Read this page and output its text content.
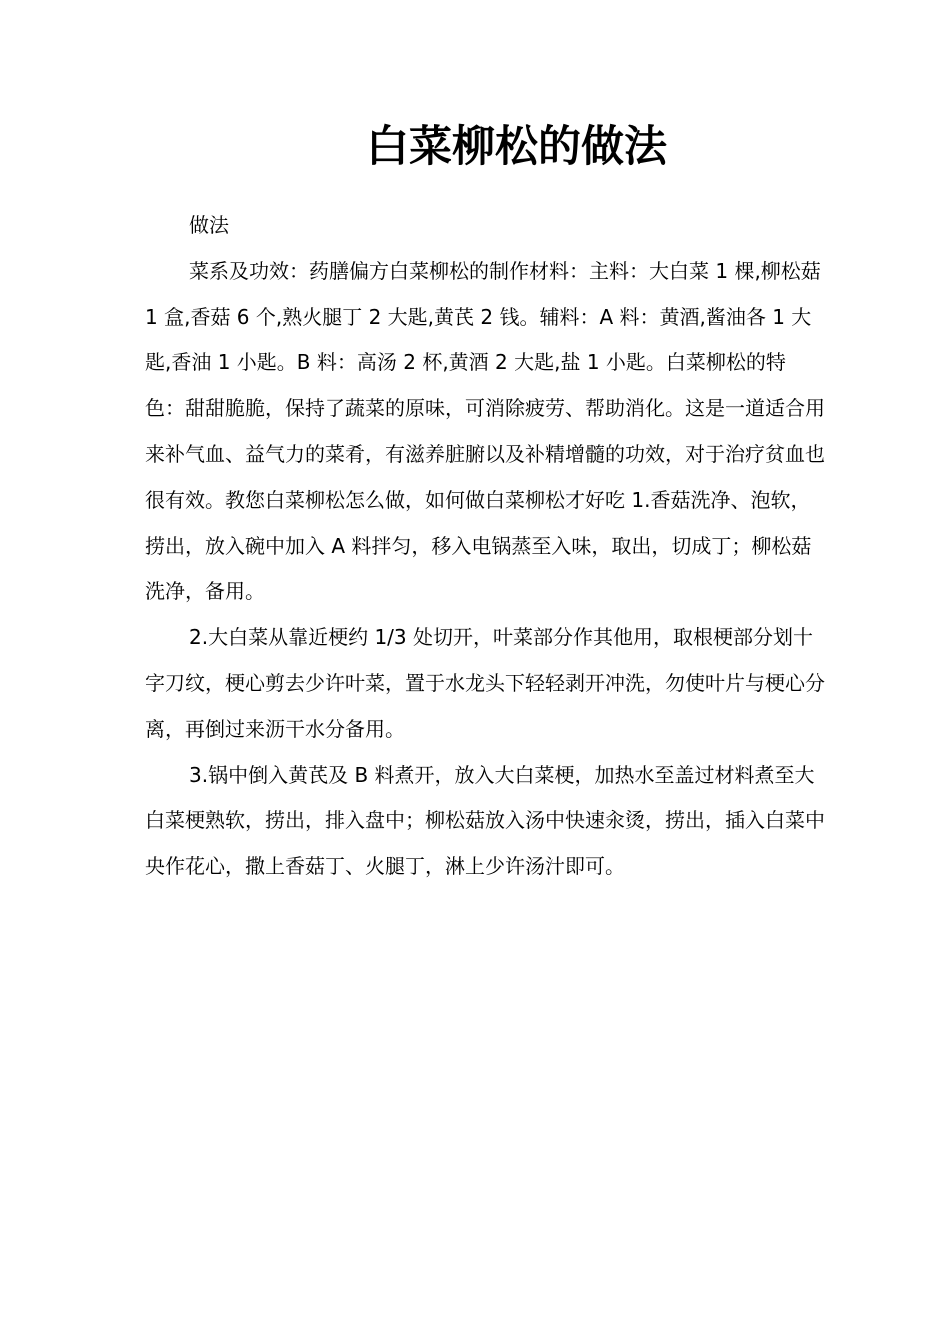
白菜柳松的做法

做法

菜系及功效：药膳偏方白菜柳松的制作材料：主料：大白菜 1 棵,柳松菇 1 盒,香菇 6 个,熟火腿丁 2 大匙,黄芪 2 钱。辅料：A 料：黄酒,酱油各 1 大匙,香油 1 小匙。B 料：高汤 2 杯,黄酒 2 大匙,盐 1 小匙。白菜柳松的特色：甜甜脆脆，保持了蔬菜的原味，可消除疲劳、帮助消化。这是一道适合用来补气血、益气力的菜肴，有滋养脏腑以及补精增髓的功效，对于治疗贫血也很有效。教您白菜柳松怎么做，如何做白菜柳松才好吃 1.香菇洗净、泡软，捞出，放入碗中加入 A 料拌匀，移入电锅蒸至入味，取出，切成丁；柳松菇洗净，备用。

2.大白菜从靠近梗约 1/3 处切开，叶菜部分作其他用，取根梗部分划十字刀纹，梗心剪去少许叶菜，置于水龙头下轻轻剥开冲洗，勿使叶片与梗心分离，再倒过来沥干水分备用。

3.锅中倒入黄芪及 B 料煮开，放入大白菜梗，加热水至盖过材料煮至大白菜梗熟软，捞出，排入盘中；柳松菇放入汤中快速汆烫，捞出，插入白菜中央作花心，撒上香菇丁、火腿丁，淋上少许汤汁即可。
